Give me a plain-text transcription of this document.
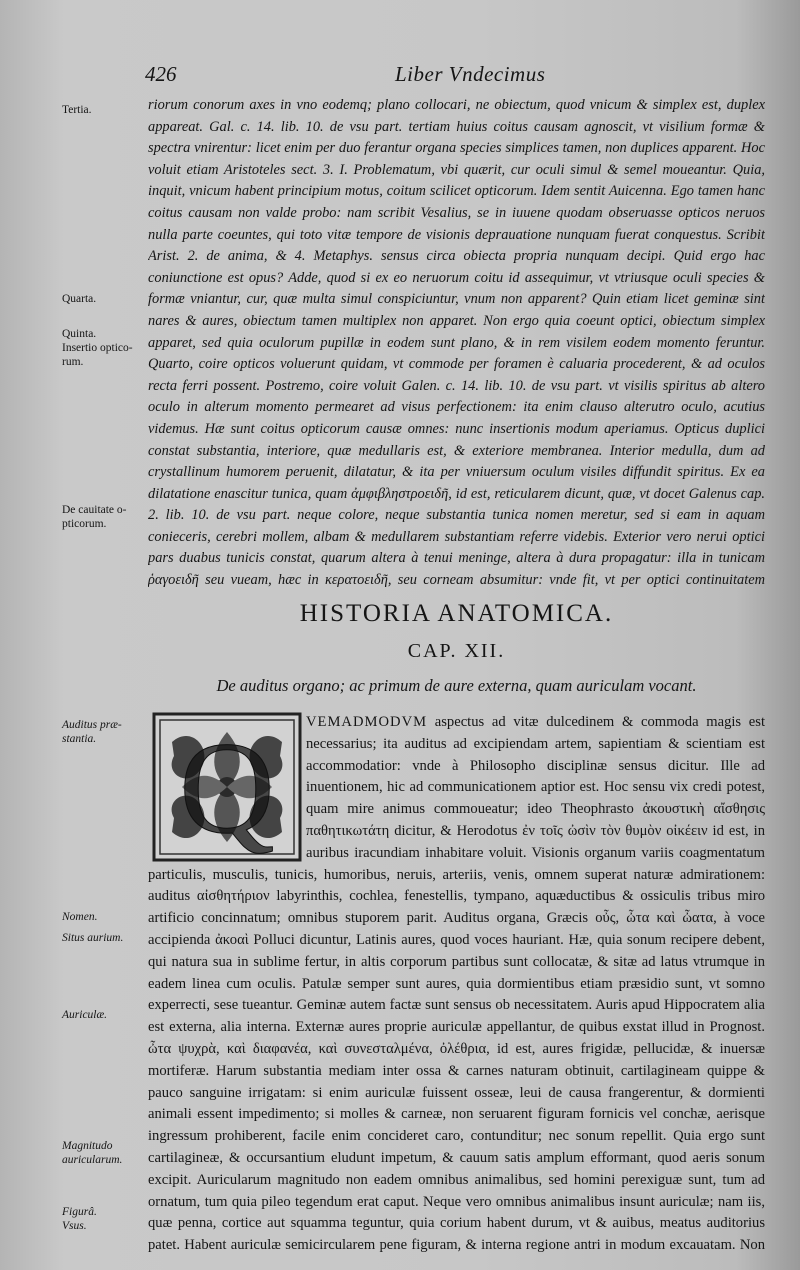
426	Liber Vndecimus
Tertia.
Quarta.
Quinta.
Insertio optico-
rum.
De cauitate o-
pticorum.
Auditus præ-
stantia.
Nomen.
Situs aurium.
Auriculæ.
Magnitudo
auricularum.
Figurâ.
Vsus.

riorum conorum axes in vno eodemq; plano collocari, ne obiectum, quod vnicum & simplex est, duplex appareat. Gal. c. 14. lib. 10. de vsu part. tertiam huius coitus causam agnoscit, vt visilium formæ & spectra vnirentur: licet enim per duo ferantur organa species simplices tamen, non duplices apparent. Hoc voluit etiam Aristoteles sect. 3. I. Problematum, vbi quærit, cur oculi simul & semel moueantur. Quia, inquit, vnicum habent principium motus, coitum scilicet opticorum. Idem sentit Auicenna. Ego tamen hanc coitus causam non valde probo: nam scribit Vesalius, se in iuuene quodam obseruasse opticos neruos nulla parte coeuntes, qui toto vitæ tempore de visionis deprauatione nunquam fuerat conquestus. Scribit Arist. 2. de anima, & 4. Metaphys. sensus circa obiecta propria nunquam decipi. Quid ergo hac coniunctione est opus? Adde, quod si ex eo neruorum coitu id assequimur, vt vtriusque oculi species & formæ vniantur, cur, quæ multa simul conspiciuntur, vnum non apparent? Quin etiam licet geminæ sint nares & aures, obiectum tamen multiplex non apparet. Non ergo quia coeunt optici, obiectum simplex apparet, sed quia oculorum pupillæ in eodem sunt plano, & in rem visilem eodem momento feruntur. Quarto, coire opticos voluerunt quidam, vt commode per foramen è caluaria procederent, & ad oculos recta ferri possent. Postremo, coire voluit Galen. c. 14. lib. 10. de vsu part. vt visilis spiritus ab altero oculo in alterum momento permearet ad visus perfectionem: ita enim clauso alterutro oculo, acutius videmus. Hæ sunt coitus opticorum causæ omnes: nunc insertionis modum aperiamus. Opticus duplici constat substantia, interiore, quæ medullaris est, & exteriore membranea. Interior medulla, dum ad crystallinum humorem peruenit, dilatatur, & ita per vniuersum oculum visiles diffundit spiritus. Ex ea dilatatione enascitur tunica, quam ἀμφιβληστροειδῆ, id est, reticularem dicunt, quæ, vt docet Galenus cap. 2. lib. 10. de vsu part. neque colore, neque substantia tunica nomen meretur, sed si eam in aquam conieceris, cerebri mollem, albam & medullarem substantiam referre videbis. Exterior vero nerui optici pars duabus tunicis constat, quarum altera à tenui meninge, altera à dura propagatur: illa in tunicam ῥαγοειδῆ seu vueam, hæc in κερατοειδῆ, seu corneam absumitur: vnde fit, vt per optici continuitatem

HISTORIA ANATOMICA.
CAP. XII.
De auditus organo; ac primum de aure externa, quam auriculam vocant.

VEMADMODVM aspectus ad vitæ dulcedinem & commoda magis est necessarius; ita auditus ad excipiendam artem, sapientiam & scientiam est accommodatior: vnde à Philosopho disciplinæ sensus dicitur. Ille ad inuentionem, hic ad communicationem aptior est. Hoc sensu vix credi potest, quam mire animus commoueatur; ideo Theophrasto ἀκουστικὴ αἴσθησις παθητικωτάτη dicitur, & Herodotus ἐν τοῖς ὠσὶν τὸν θυμὸν οἰκέειν id est, in auribus iracundiam inhabitare voluit. Visionis organum variis coagmentatum particulis, musculis, tunicis, humoribus, neruis, arteriis, venis, omnem superat naturæ admirationem: auditus αἰσθητήριον labyrinthis, cochlea, fenestellis, tympano, aquæductibus & ossiculis tribus miro artificio concinnatum; omnibus stuporem parit. Auditus organa, Græcis οὖς, ὦτα καὶ ὦατα, à voce accipienda ἀκοαὶ Polluci dicuntur, Latinis aures, quod voces hauriant. Hæ, quia sonum recipere debent, qui natura sua in sublime fertur, in altis corporum partibus sunt collocatæ, & sitæ ad latus vtrumque in eadem linea cum oculis. Patulæ semper sunt aures, quia dormientibus etiam præsidio sunt, vt somno experrecti, sese tueantur. Geminæ autem factæ sunt sensus ob necessitatem. Auris apud Hippocratem alia est externa, alia interna. Externæ aures proprie auriculæ appellantur, de quibus exstat illud in Prognost. ὦτα ψυχρὰ, καὶ διαφανέα, καὶ συνεσταλμένα, ὀλέθρια, id est, aures frigidæ, pellucidæ, & inuersæ mortiferæ. Harum substantia mediam inter ossa & carnes naturam obtinuit, cartilagineam quippe & pauco sanguine irrigatam: si enim auriculæ fuissent osseæ, leui de causa frangerentur, & dormienti animali essent impedimento; si molles & carneæ, non seruarent figuram fornicis vel conchæ, aerisque ingressum prohiberent, facile enim concideret caro, contunditur; nec sonum repellit. Quia ergo sunt cartilagineæ, & occursantium eludunt impetum, & cauum satis amplum efformant, quod aeris sonum excipit. Auricularum magnitudo non eadem omnibus animalibus, sed homini perexiguæ sunt, tum ad ornatum, tum quia pileo tegendum erat caput. Neque vero omnibus animalibus insunt auriculæ; nam iis, quæ penna, cortice aut squamma teguntur, quia corium habent durum, vt & auibus, meatus auditorius patet. Habent auriculæ semicircularem pene figuram, & interna regione antri in modum excauatam. Non

Q
